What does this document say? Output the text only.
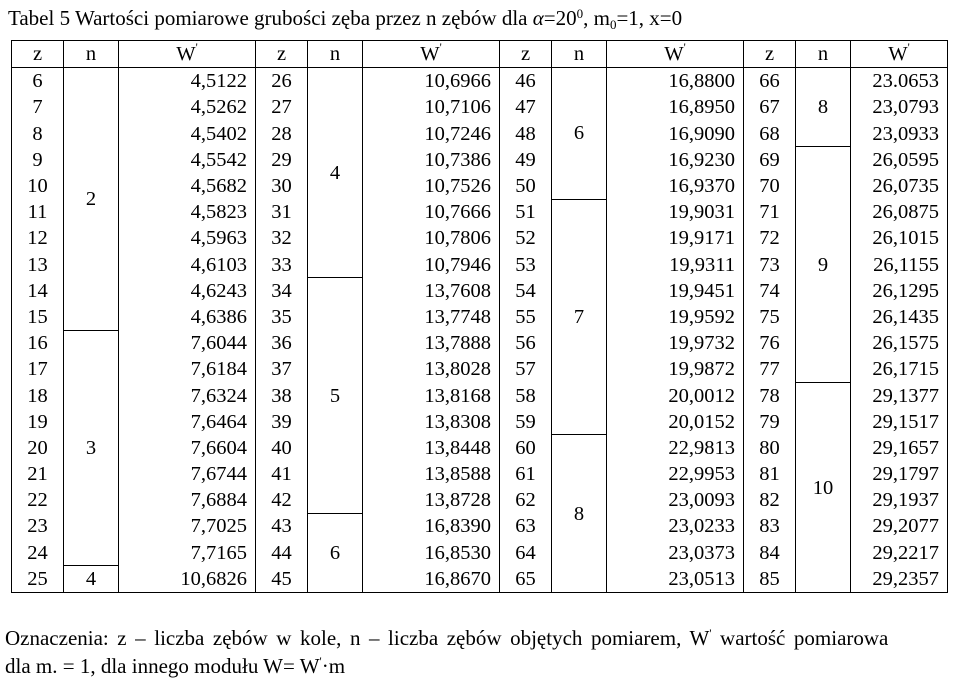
Tabel 5 Wartości pomiarowe grubości zęba przez n zębów dla $\alpha=20^0$, $m_0=1$, x=0
z	n	W'	z	n	W'	z	n	W'	z	n	W'
6	2	4,5122	26	4	10,6966	46	6	16,8800	66	8	23.0653
7		4,5262	27		10,7106	47		16,8950	67		23,0793
8		4,5402	28		10,7246	48		16,9090	68		23,0933
9		4,5542	29		10,7386	49		16,9230	69	9	26,0595
10		4,5682	30		10,7526	50		16,9370	70		26,0735
11		4,5823	31		10,7666	51	7	19,9031	71		26,0875
12		4,5963	32		10,7806	52		19,9171	72		26,1015
13		4,6103	33		10,7946	53		19,9311	73		26,1155
14		4,6243	34	5	13,7608	54		19,9451	74		26,1295
15		4,6386	35		13,7748	55		19,9592	75		26,1435
16	3	7,6044	36		13,7888	56		19,9732	76		26,1575
17		7,6184	37		13,8028	57		19,9872	77		26,1715
18		7,6324	38		13,8168	58		20,0012	78	10	29,1377
19		7,6464	39		13,8308	59		20,0152	79		29,1517
20		7,6604	40		13,8448	60	8	22,9813	80		29,1657
21		7,6744	41		13,8588	61		22,9953	81		29,1797
22		7,6884	42		13,8728	62		23,0093	82		29,1937
23		7,7025	43	6	16,8390	63		23,0233	83		29,2077
24		7,7165	44		16,8530	64		23,0373	84		29,2217
25	4	10,6826	45		16,8670	65		23,0513	85		29,2357
Oznaczenia: z – liczba zębów w kole, n – liczba zębów objętych pomiarem, W' wartość pomiarowa
dla m. = 1, dla innego modułu W= W'·m
